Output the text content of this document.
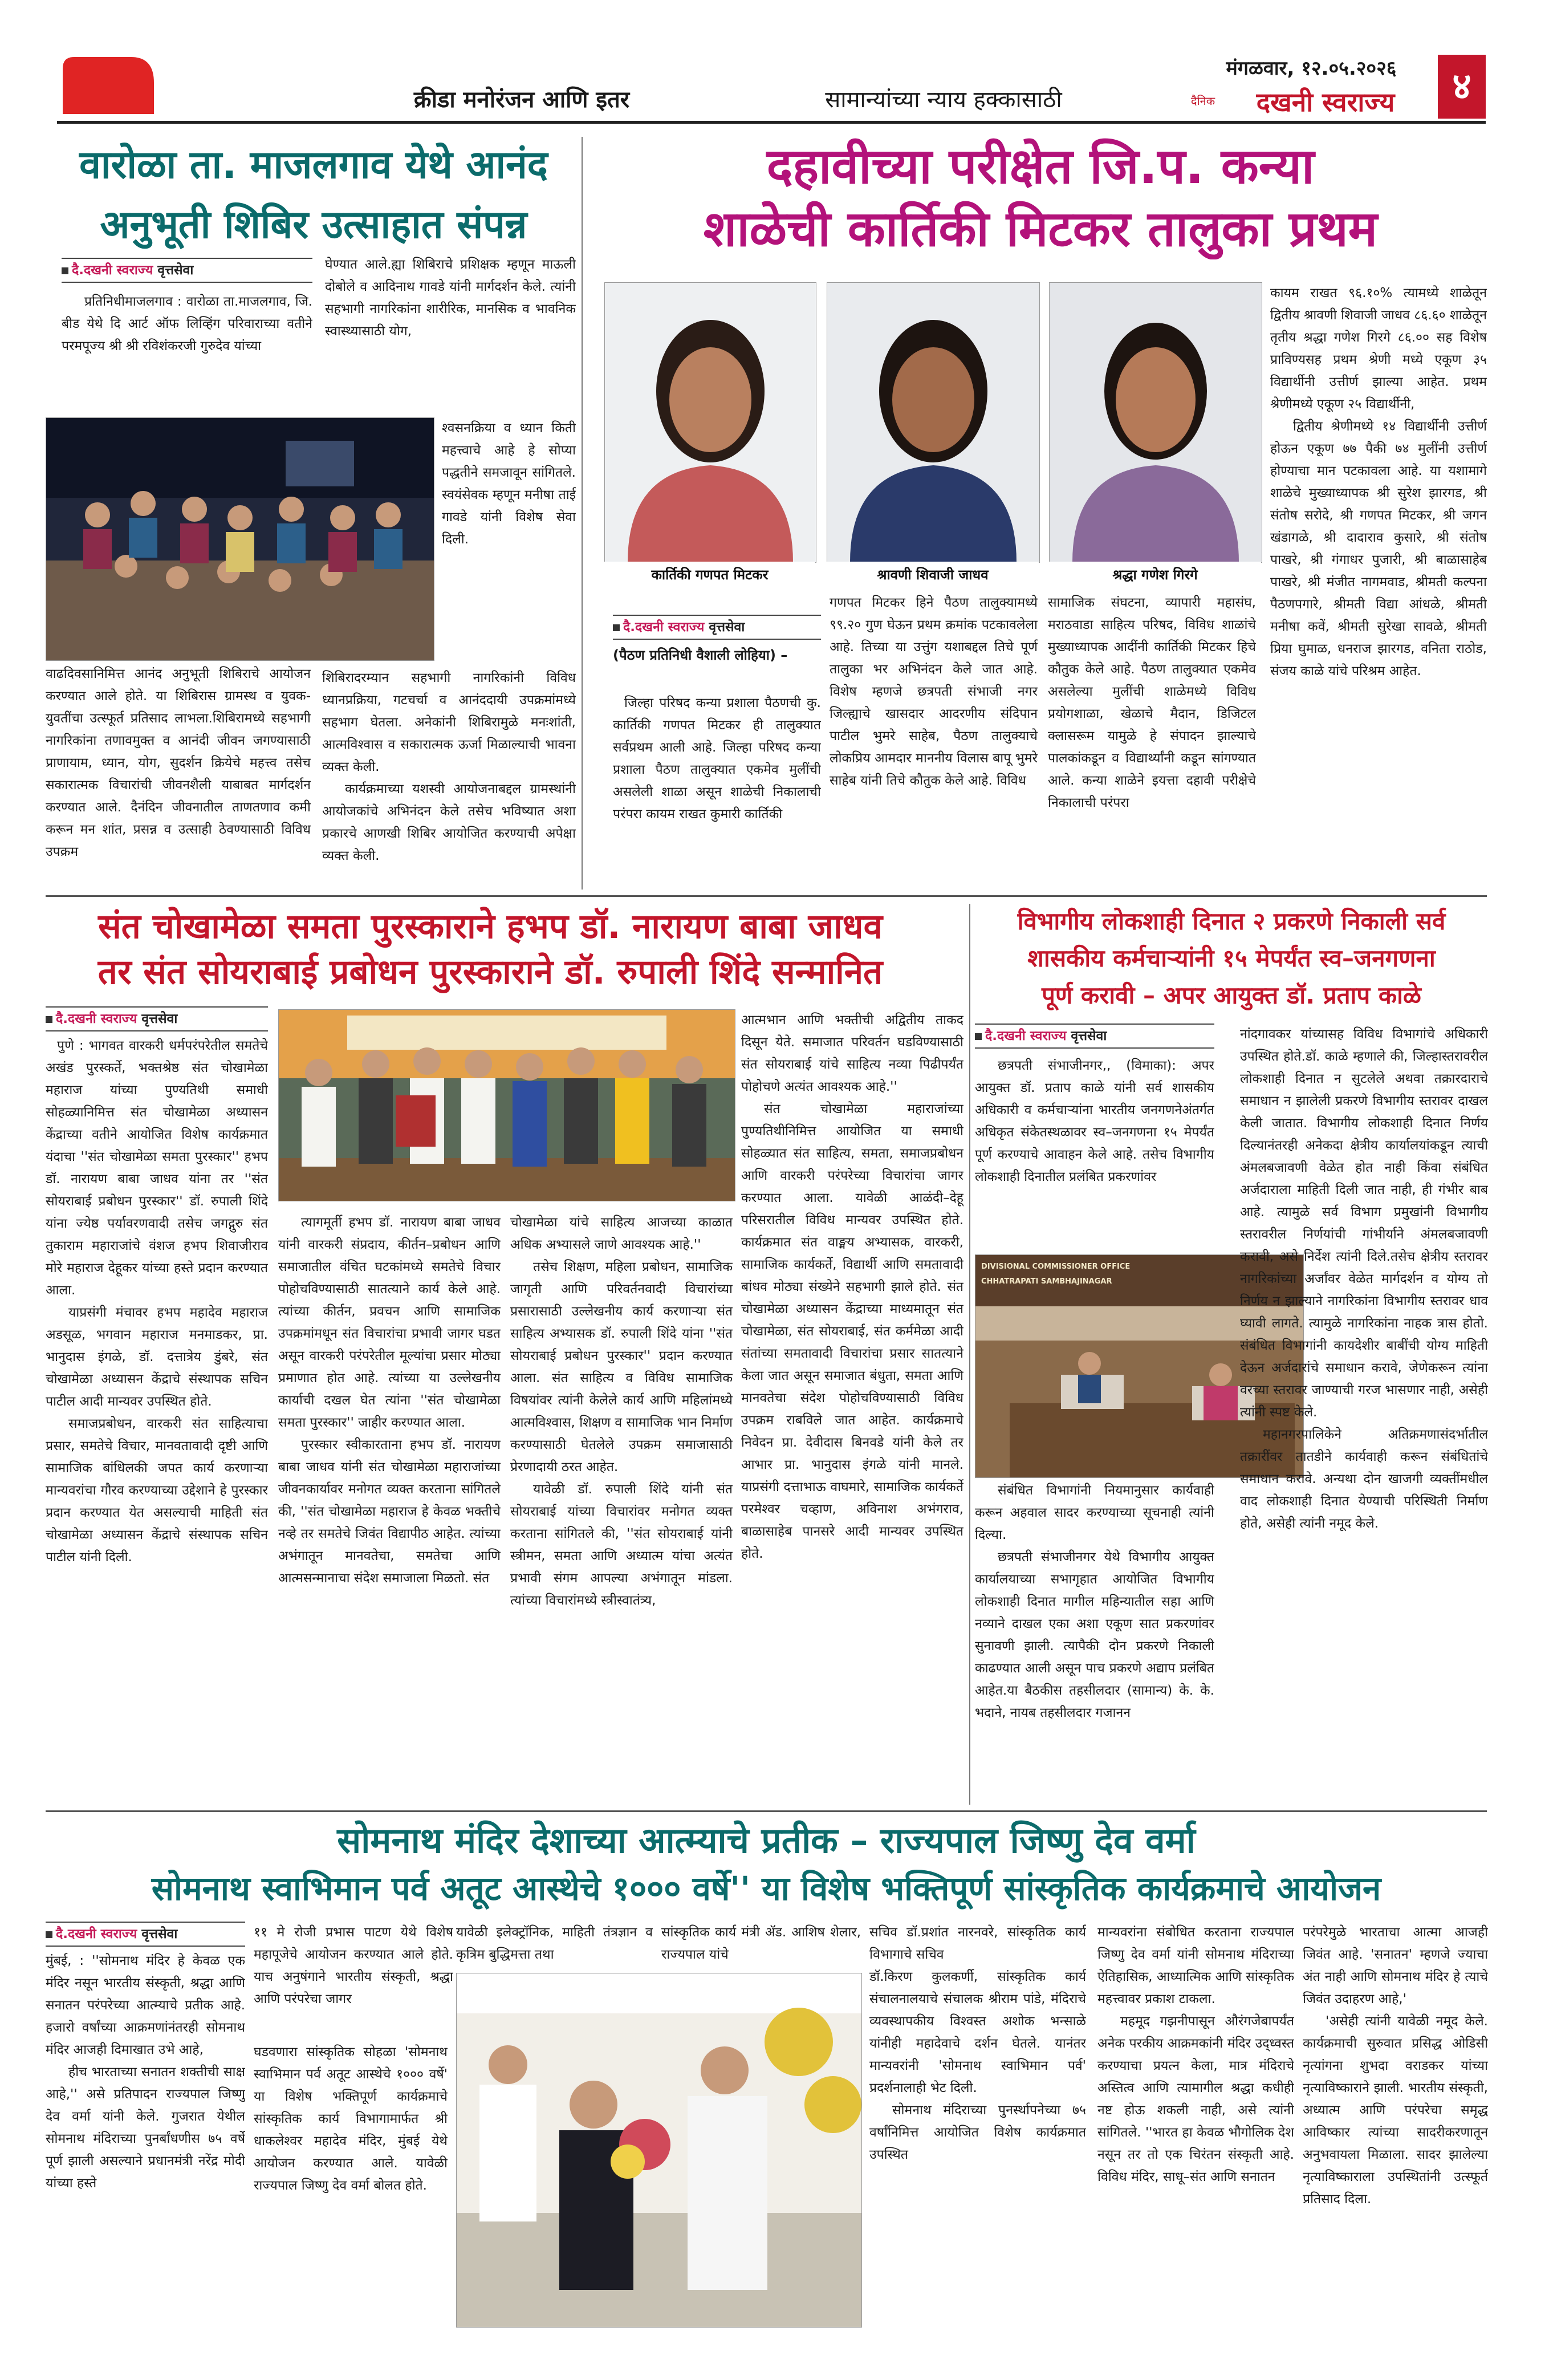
क्रीडा मनोरंजन आणि इतर	सामान्यांच्या न्याय हक्कासाठी
मंगळवार, १२.०५.२०२६
दैनिक	दखनी स्वराज्य	४
वारोळा ता. माजलगाव येथे आनंद
अनुभूती शिबिर उत्साहात संपन्न
दै.दखनी स्वराज्य वृत्तसेवा

प्रतिनिधीमाजलगाव : वारोळा ता.माजलगाव, जि. बीड येथे दि आर्ट ऑफ लिव्हिंग परिवाराच्या वतीने परमपूज्य श्री श्री रविशंकरजी गुरुदेव यांच्या

घेण्यात आले.ह्या शिबिराचे प्रशिक्षक म्हणून माऊली दोबोले व आदिनाथ गावडे यांनी मार्गदर्शन केले. त्यांनी सहभागी नागरिकांना शारीरिक, मानसिक व भावनिक स्वास्थ्यासाठी योग,

श्वसनक्रिया व ध्यान किती महत्त्वाचे आहे हे सोप्या पद्धतीने समजावून सांगितले. स्वयंसेवक म्हणून मनीषा ताई गावडे यांनी विशेष सेवा दिली.

वाढदिवसानिमित्त आनंद अनुभूती शिबिराचे आयोजन करण्यात आले होते. या शिबिरास ग्रामस्थ व युवक-युवतींचा उत्स्फूर्त प्रतिसाद लाभला.शिबिरामध्ये सहभागी नागरिकांना तणावमुक्त व आनंदी जीवन जगण्यासाठी प्राणायाम, ध्यान, योग, सुदर्शन क्रियेचे महत्त्व तसेच सकारात्मक विचारांची जीवनशैली याबाबत मार्गदर्शन करण्यात आले. दैनंदिन जीवनातील ताणतणाव कमी करून मन शांत, प्रसन्न व उत्साही ठेवण्यासाठी विविध उपक्रम

शिबिरादरम्यान सहभागी नागरिकांनी विविध ध्यानप्रक्रिया, गटचर्चा व आनंददायी उपक्रमांमध्ये सहभाग घेतला. अनेकांनी शिबिरामुळे मनःशांती, आत्मविश्वास व सकारात्मक ऊर्जा मिळाल्याची भावना व्यक्त केली.

कार्यक्रमाच्या यशस्वी आयोजनाबद्दल ग्रामस्थांनी आयोजकांचे अभिनंदन केले तसेच भविष्यात अशा प्रकारचे आणखी शिबिर आयोजित करण्याची अपेक्षा व्यक्त केली.

दहावीच्या परीक्षेत जि.प. कन्या
शाळेची कार्तिकी मिटकर तालुका प्रथम
कार्तिकी गणपत मिटकर	श्रावणी शिवाजी जाधव	श्रद्धा गणेश गिरगे
दै.दखनी स्वराज्य वृत्तसेवा
(पैठण प्रतिनिधी वैशाली लोहिया) –

जिल्हा परिषद कन्या प्रशाला पैठणची कु. कार्तिकी गणपत मिटकर ही तालुक्यात सर्वप्रथम आली आहे. जिल्हा परिषद कन्या प्रशाला पैठण तालुक्यात एकमेव मुलींची असलेली शाळा असून शाळेची निकालाची परंपरा कायम राखत कुमारी कार्तिकी

गणपत मिटकर हिने पैठण तालुक्यामध्ये ९९.२० गुण घेऊन प्रथम क्रमांक पटकावलेला आहे. तिच्या या उत्तुंग यशाबद्दल तिचे पूर्ण तालुका भर अभिनंदन केले जात आहे. विशेष म्हणजे छत्रपती संभाजी नगर जिल्ह्याचे खासदार आदरणीय संदिपान पाटील भुमरे साहेब, पैठण तालुक्याचे लोकप्रिय आमदार माननीय विलास बापू भुमरे साहेब यांनी तिचे कौतुक केले आहे. विविध

सामाजिक संघटना, व्यापारी महासंघ, मराठवाडा साहित्य परिषद, विविध शाळांचे मुख्याध्यापक आदींनी कार्तिकी मिटकर हिचे कौतुक केले आहे. पैठण तालुक्यात एकमेव असलेल्या मुलींची शाळेमध्ये विविध प्रयोगशाळा, खेळाचे मैदान, डिजिटल क्लासरूम यामुळे हे संपादन झाल्याचे पालकांकडून व विद्यार्थ्यांनी कडून सांगण्यात आले. कन्या शाळेने इयत्ता दहावी परीक्षेचे निकालाची परंपरा

कायम राखत ९६.१०% त्यामध्ये शाळेतून द्वितीय श्रावणी शिवाजी जाधव ८६.६० शाळेतून तृतीय श्रद्धा गणेश गिरगे ८६.०० सह विशेष प्राविण्यसह प्रथम श्रेणी मध्ये एकूण ३५ विद्यार्थीनी उत्तीर्ण झाल्या आहेत. प्रथम श्रेणीमध्ये एकूण २५ विद्यार्थीनी,

द्वितीय श्रेणीमध्ये १४ विद्यार्थीनी उत्तीर्ण होऊन एकूण ७७ पैकी ७४ मुलींनी उत्तीर्ण होण्याचा मान पटकावला आहे. या यशामागे शाळेचे मुख्याध्यापक श्री सुरेश झारगड, श्री संतोष सरोदे, श्री गणपत मिटकर, श्री जगन खंडागळे, श्री दादाराव कुसारे, श्री संतोष पाखरे, श्री गंगाधर पुजारी, श्री बाळासाहेब पाखरे, श्री मंजीत नागमवाड, श्रीमती कल्पना पैठणपगारे, श्रीमती विद्या आंधळे, श्रीमती मनीषा कवें, श्रीमती सुरेखा सावळे, श्रीमती प्रिया घुमाळ, धनराज झारगड, वनिता राठोड, संजय काळे यांचे परिश्रम आहेत.

संत चोखामेळा समता पुरस्काराने हभप डॉ. नारायण बाबा जाधव
तर संत सोयराबाई प्रबोधन पुरस्काराने डॉ. रुपाली शिंदे सन्मानित
दै.दखनी स्वराज्य वृत्तसेवा

पुणे : भागवत वारकरी धर्मपरंपरेतील समतेचे अखंड पुरस्कर्ते, भक्तश्रेष्ठ संत चोखामेळा महाराज यांच्या पुण्यतिथी समाधी सोहळ्यानिमित्त संत चोखामेळा अध्यासन केंद्राच्या वतीने आयोजित विशेष कार्यक्रमात यंदाचा ''संत चोखामेळा समता पुरस्कार'' हभप डॉ. नारायण बाबा जाधव यांना तर ''संत सोयराबाई प्रबोधन पुरस्कार'' डॉ. रुपाली शिंदे यांना ज्येष्ठ पर्यावरणवादी तसेच जगद्गुरु संत तुकाराम महाराजांचे वंशज हभप शिवाजीराव मोरे महाराज देहूकर यांच्या हस्ते प्रदान करण्यात आला.

याप्रसंगी मंचावर हभप महादेव महाराज अडसूळ, भगवान महाराज मनमाडकर, प्रा. भानुदास इंगळे, डॉ. दत्तात्रेय डुंबरे, संत चोखामेळा अध्यासन केंद्राचे संस्थापक सचिन पाटील आदी मान्यवर उपस्थित होते.

समाजप्रबोधन, वारकरी संत साहित्याचा प्रसार, समतेचे विचार, मानवतावादी दृष्टी आणि सामाजिक बांधिलकी जपत कार्य करणाऱ्या मान्यवरांचा गौरव करण्याच्या उद्देशाने हे पुरस्कार प्रदान करण्यात येत असल्याची माहिती संत चोखामेळा अध्यासन केंद्राचे संस्थापक सचिन पाटील यांनी दिली.

त्यागमूर्ती हभप डॉ. नारायण बाबा जाधव यांनी वारकरी संप्रदाय, कीर्तन–प्रबोधन आणि समाजातील वंचित घटकांमध्ये समतेचे विचार पोहोचविण्यासाठी सातत्याने कार्य केले आहे. त्यांच्या कीर्तन, प्रवचन आणि सामाजिक उपक्रमांमधून संत विचारांचा प्रभावी जागर घडत असून वारकरी परंपरेतील मूल्यांचा प्रसार मोठ्या प्रमाणात होत आहे. त्यांच्या या उल्लेखनीय कार्याची दखल घेत त्यांना ''संत चोखामेळा समता पुरस्कार'' जाहीर करण्यात आला.

पुरस्कार स्वीकारताना हभप डॉ. नारायण बाबा जाधव यांनी संत चोखामेळा महाराजांच्या जीवनकार्यावर मनोगत व्यक्त करताना सांगितले की, ''संत चोखामेळा महाराज हे केवळ भक्तीचे नव्हे तर समतेचे जिवंत विद्यापीठ आहेत. त्यांच्या अभंगातून मानवतेचा, समतेचा आणि आत्मसन्मानाचा संदेश समाजाला मिळतो. संत

चोखामेळा यांचे साहित्य आजच्या काळात अधिक अभ्यासले जाणे आवश्यक आहे.''

तसेच शिक्षण, महिला प्रबोधन, सामाजिक जागृती आणि परिवर्तनवादी विचारांच्या प्रसारासाठी उल्लेखनीय कार्य करणाऱ्या संत साहित्य अभ्यासक डॉ. रुपाली शिंदे यांना ''संत सोयराबाई प्रबोधन पुरस्कार'' प्रदान करण्यात आला. संत साहित्य व विविध सामाजिक विषयांवर त्यांनी केलेले कार्य आणि महिलांमध्ये आत्मविश्वास, शिक्षण व सामाजिक भान निर्माण करण्यासाठी घेतलेले उपक्रम समाजासाठी प्रेरणादायी ठरत आहेत.

यावेळी डॉ. रुपाली शिंदे यांनी संत सोयराबाई यांच्या विचारांवर मनोगत व्यक्त करताना सांगितले की, ''संत सोयराबाई यांनी स्त्रीमन, समता आणि अध्यात्म यांचा अत्यंत प्रभावी संगम आपल्या अभंगातून मांडला. त्यांच्या विचारांमध्ये स्त्रीस्वातंत्र्य,

आत्मभान आणि भक्तीची अद्वितीय ताकद दिसून येते. समाजात परिवर्तन घडविण्यासाठी संत सोयराबाई यांचे साहित्य नव्या पिढीपर्यंत पोहोचणे अत्यंत आवश्यक आहे.''

संत चोखामेळा महाराजांच्या पुण्यतिथीनिमित्त आयोजित या समाधी सोहळ्यात संत साहित्य, समता, समाजप्रबोधन आणि वारकरी परंपरेच्या विचारांचा जागर करण्यात आला. यावेळी आळंदी–देहू परिसरातील विविध मान्यवर उपस्थित होते. कार्यक्रमात संत वाङ्मय अभ्यासक, वारकरी, सामाजिक कार्यकर्ते, विद्यार्थी आणि समतावादी बांधव मोठ्या संख्येने सहभागी झाले होते. संत चोखामेळा अध्यासन केंद्राच्या माध्यमातून संत चोखामेळा, संत सोयराबाई, संत कर्ममेळा आदी संतांच्या समतावादी विचारांचा प्रसार सातत्याने केला जात असून समाजात बंधुता, समता आणि मानवतेचा संदेश पोहोचविण्यासाठी विविध उपक्रम राबविले जात आहेत. कार्यक्रमाचे निवेदन प्रा. देवीदास बिनवडे यांनी केले तर आभार प्रा. भानुदास इंगळे यांनी मानले. याप्रसंगी दत्ताभाऊ वाघमारे, सामाजिक कार्यकर्ते परमेश्वर चव्हाण, अविनाश अभंगराव, बाळासाहेब पानसरे आदी मान्यवर उपस्थित होते.

विभागीय लोकशाही दिनात २ प्रकरणे निकाली सर्व
शासकीय कर्मचाऱ्यांनी १५ मेपर्यंत स्व–जनगणना
पूर्ण करावी – अपर आयुक्त डॉ. प्रताप काळे
दै.दखनी स्वराज्य वृत्तसेवा

छत्रपती संभाजीनगर,, (विमाका): अपर आयुक्त डॉ. प्रताप काळे यांनी सर्व शासकीय अधिकारी व कर्मचाऱ्यांना भारतीय जनगणनेअंतर्गत अधिकृत संकेतस्थळावर स्व–जनगणना १५ मेपर्यंत पूर्ण करण्याचे आवाहन केले आहे. तसेच विभागीय लोकशाही दिनातील प्रलंबित प्रकरणांवर

DIVISIONAL COMMISSIONER OFFICE
CHHATRAPATI SAMBHAJINAGAR

संबंधित विभागांनी नियमानुसार कार्यवाही करून अहवाल सादर करण्याच्या सूचनाही त्यांनी दिल्या.

छत्रपती संभाजीनगर येथे विभागीय आयुक्त कार्यालयाच्या सभागृहात आयोजित विभागीय लोकशाही दिनात मागील महिन्यातील सहा आणि नव्याने दाखल एका अशा एकूण सात प्रकरणांवर सुनावणी झाली. त्यापैकी दोन प्रकरणे निकाली काढण्यात आली असून पाच प्रकरणे अद्याप प्रलंबित आहेत.या बैठकीस तहसीलदार (सामान्य) के. के. भदाने, नायब तहसीलदार गजानन

नांदगावकर यांच्यासह विविध विभागांचे अधिकारी उपस्थित होते.डॉ. काळे म्हणाले की, जिल्हास्तरावरील लोकशाही दिनात न सुटलेले अथवा तक्रारदाराचे समाधान न झालेली प्रकरणे विभागीय स्तरावर दाखल केली जातात. विभागीय लोकशाही दिनात निर्णय दिल्यानंतरही अनेकदा क्षेत्रीय कार्यालयांकडून त्याची अंमलबजावणी वेळेत होत नाही किंवा संबंधित अर्जदाराला माहिती दिली जात नाही, ही गंभीर बाब आहे. त्यामुळे सर्व विभाग प्रमुखांनी विभागीय स्तरावरील निर्णयांची गांभीर्याने अंमलबजावणी करावी, असे निर्देश त्यांनी दिले.तसेच क्षेत्रीय स्तरावर नागरिकांच्या अर्जांवर वेळेत मार्गदर्शन व योग्य तो निर्णय न झाल्याने नागरिकांना विभागीय स्तरावर धाव घ्यावी लागते. त्यामुळे नागरिकांना नाहक त्रास होतो. संबंधित विभागांनी कायदेशीर बाबींची योग्य माहिती देऊन अर्जदारांचे समाधान करावे, जेणेकरून त्यांना वरच्या स्तरावर जाण्याची गरज भासणार नाही, असेही त्यांनी स्पष्ट केले.

महानगरपालिकेने अतिक्रमणासंदर्भातील तक्रारींवर तातडीने कार्यवाही करून संबंधितांचे समाधान करावे. अन्यथा दोन खाजगी व्यक्तींमधील वाद लोकशाही दिनात येण्याची परिस्थिती निर्माण होते, असेही त्यांनी नमूद केले.

सोमनाथ मंदिर देशाच्या आत्म्याचे प्रतीक – राज्यपाल जिष्णु देव वर्मा
सोमनाथ स्वाभिमान पर्व अतूट आस्थेचे १००० वर्षे'' या विशेष भक्तिपूर्ण सांस्कृतिक कार्यक्रमाचे आयोजन
दै.दखनी स्वराज्य वृत्तसेवा

मुंबई, : ''सोमनाथ मंदिर हे केवळ एक मंदिर नसून भारतीय संस्कृती, श्रद्धा आणि सनातन परंपरेच्या आत्म्याचे प्रतीक आहे. हजारो वर्षांच्या आक्रमणांनंतरही सोमनाथ मंदिर आजही दिमाखात उभे आहे,

हीच भारताच्या सनातन शक्तीची साक्ष आहे,'' असे प्रतिपादन राज्यपाल जिष्णु देव वर्मा यांनी केले. गुजरात येथील सोमनाथ मंदिराच्या पुनर्बांधणीस ७५ वर्षे पूर्ण झाली असल्याने प्रधानमंत्री नरेंद्र मोदी यांच्या हस्ते

११ मे रोजी प्रभास पाटण येथे विशेष महापूजेचे आयोजन करण्यात आले होते. याच अनुषंगाने भारतीय संस्कृती, श्रद्धा आणि परंपरेचा जागर

यावेळी इलेक्ट्रॉनिक, माहिती तंत्रज्ञान व कृत्रिम बुद्धिमत्ता तथा

सांस्कृतिक कार्य मंत्री ॲड. आशिष शेलार, राज्यपाल यांचे

घडवणारा सांस्कृतिक सोहळा 'सोमनाथ स्वाभिमान पर्व अतूट आस्थेचे १००० वर्षे' या विशेष भक्तिपूर्ण कार्यक्रमाचे सांस्कृतिक कार्य विभागामार्फत श्री धाकलेश्वर महादेव मंदिर, मुंबई येथे आयोजन करण्यात आले. यावेळी राज्यपाल जिष्णु देव वर्मा बोलत होते.

सचिव डॉ.प्रशांत नारनवरे, सांस्कृतिक कार्य विभागाचे सचिव

डॉ.किरण कुलकर्णी, सांस्कृतिक कार्य संचालनालयाचे संचालक श्रीराम पांडे, मंदिराचे व्यवस्थापकीय विश्वस्त अशोक भन्साळे यांनीही महादेवाचे दर्शन घेतले. यानंतर मान्यवरांनी 'सोमनाथ स्वाभिमान पर्व' प्रदर्शनालाही भेट दिली.

सोमनाथ मंदिराच्या पुनर्स्थापनेच्या ७५ वर्षांनिमित्त आयोजित विशेष कार्यक्रमात उपस्थित

मान्यवरांना संबोधित करताना राज्यपाल जिष्णु देव वर्मा यांनी सोमनाथ मंदिराच्या ऐतिहासिक, आध्यात्मिक आणि सांस्कृतिक महत्त्वावर प्रकाश टाकला.

महमूद गझनीपासून औरंगजेबापर्यंत अनेक परकीय आक्रमकांनी मंदिर उद्ध्वस्त करण्याचा प्रयत्न केला, मात्र मंदिराचे अस्तित्व आणि त्यामागील श्रद्धा कधीही नष्ट होऊ शकली नाही, असे त्यांनी सांगितले. ''भारत हा केवळ भौगोलिक देश नसून तर तो एक चिरंतन संस्कृती आहे. विविध मंदिर, साधू–संत आणि सनातन

परंपरेमुळे भारताचा आत्मा आजही जिवंत आहे. 'सनातन' म्हणजे ज्याचा अंत नाही आणि सोमनाथ मंदिर हे त्याचे जिवंत उदाहरण आहे,'

'असेही त्यांनी यावेळी नमूद केले. कार्यक्रमाची सुरुवात प्रसिद्ध ओडिसी नृत्यांगना शुभदा वराडकर यांच्या नृत्याविष्काराने झाली. भारतीय संस्कृती, अध्यात्म आणि परंपरेचा समृद्ध आविष्कार त्यांच्या सादरीकरणातून अनुभवायला मिळाला. सादर झालेल्या नृत्याविष्काराला उपस्थितांनी उत्स्फूर्त प्रतिसाद दिला.
